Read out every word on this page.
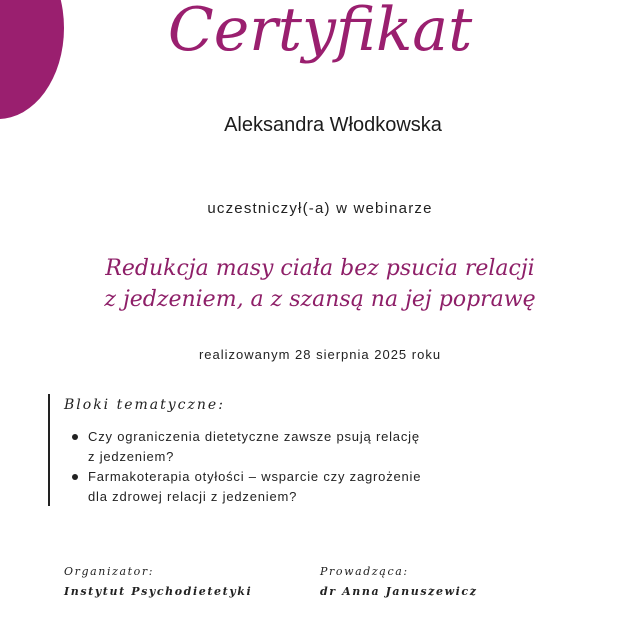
Certyfikat
Aleksandra Włodkowska
uczestniczył(-a) w webinarze
Redukcja masy ciała bez psucia relacji
z jedzeniem, a z szansą na jej poprawę
realizowanym 28 sierpnia 2025 roku
Bloki tematyczne:
Czy ograniczenia dietetyczne zawsze psują relację
z jedzeniem?
Farmakoterapia otyłości – wsparcie czy zagrożenie
dla zdrowej relacji z jedzeniem?
Organizator:
Instytut Psychodietetyki
Prowadząca:
dr Anna Januszewicz
